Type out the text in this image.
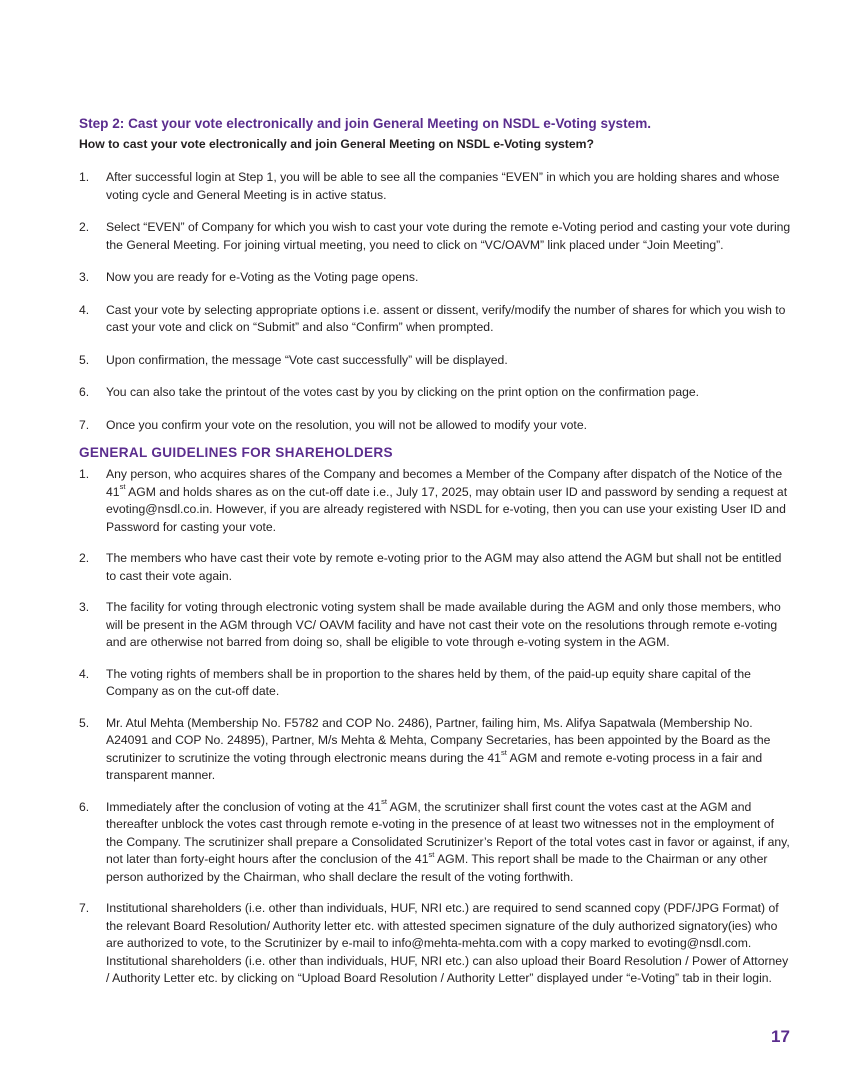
Step 2: Cast your vote electronically and join General Meeting on NSDL e-Voting system.
How to cast your vote electronically and join General Meeting on NSDL e-Voting system?
1. After successful login at Step 1, you will be able to see all the companies “EVEN” in which you are holding shares and whose voting cycle and General Meeting is in active status.
2. Select “EVEN” of Company for which you wish to cast your vote during the remote e-Voting period and casting your vote during the General Meeting. For joining virtual meeting, you need to click on “VC/OAVM” link placed under “Join Meeting”.
3. Now you are ready for e-Voting as the Voting page opens.
4. Cast your vote by selecting appropriate options i.e. assent or dissent, verify/modify the number of shares for which you wish to cast your vote and click on “Submit” and also “Confirm” when prompted.
5. Upon confirmation, the message “Vote cast successfully” will be displayed.
6. You can also take the printout of the votes cast by you by clicking on the print option on the confirmation page.
7. Once you confirm your vote on the resolution, you will not be allowed to modify your vote.
GENERAL GUIDELINES FOR SHAREHOLDERS
1. Any person, who acquires shares of the Company and becomes a Member of the Company after dispatch of the Notice of the 41st AGM and holds shares as on the cut-off date i.e., July 17, 2025, may obtain user ID and password by sending a request at evoting@nsdl.co.in. However, if you are already registered with NSDL for e-voting, then you can use your existing User ID and Password for casting your vote.
2. The members who have cast their vote by remote e-voting prior to the AGM may also attend the AGM but shall not be entitled to cast their vote again.
3. The facility for voting through electronic voting system shall be made available during the AGM and only those members, who will be present in the AGM through VC/ OAVM facility and have not cast their vote on the resolutions through remote e-voting and are otherwise not barred from doing so, shall be eligible to vote through e-voting system in the AGM.
4. The voting rights of members shall be in proportion to the shares held by them, of the paid-up equity share capital of the Company as on the cut-off date.
5. Mr. Atul Mehta (Membership No. F5782 and COP No. 2486), Partner, failing him, Ms. Alifya Sapatwala (Membership No. A24091 and COP No. 24895), Partner, M/s Mehta & Mehta, Company Secretaries, has been appointed by the Board as the scrutinizer to scrutinize the voting through electronic means during the 41st AGM and remote e-voting process in a fair and transparent manner.
6. Immediately after the conclusion of voting at the 41st AGM, the scrutinizer shall first count the votes cast at the AGM and thereafter unblock the votes cast through remote e-voting in the presence of at least two witnesses not in the employment of the Company. The scrutinizer shall prepare a Consolidated Scrutinizer’s Report of the total votes cast in favor or against, if any, not later than forty-eight hours after the conclusion of the 41st AGM. This report shall be made to the Chairman or any other person authorized by the Chairman, who shall declare the result of the voting forthwith.
7. Institutional shareholders (i.e. other than individuals, HUF, NRI etc.) are required to send scanned copy (PDF/JPG Format) of the relevant Board Resolution/ Authority letter etc. with attested specimen signature of the duly authorized signatory(ies) who are authorized to vote, to the Scrutinizer by e-mail to info@mehta-mehta.com with a copy marked to evoting@nsdl.com. Institutional shareholders (i.e. other than individuals, HUF, NRI etc.) can also upload their Board Resolution / Power of Attorney / Authority Letter etc. by clicking on “Upload Board Resolution / Authority Letter” displayed under “e-Voting” tab in their login.
17
